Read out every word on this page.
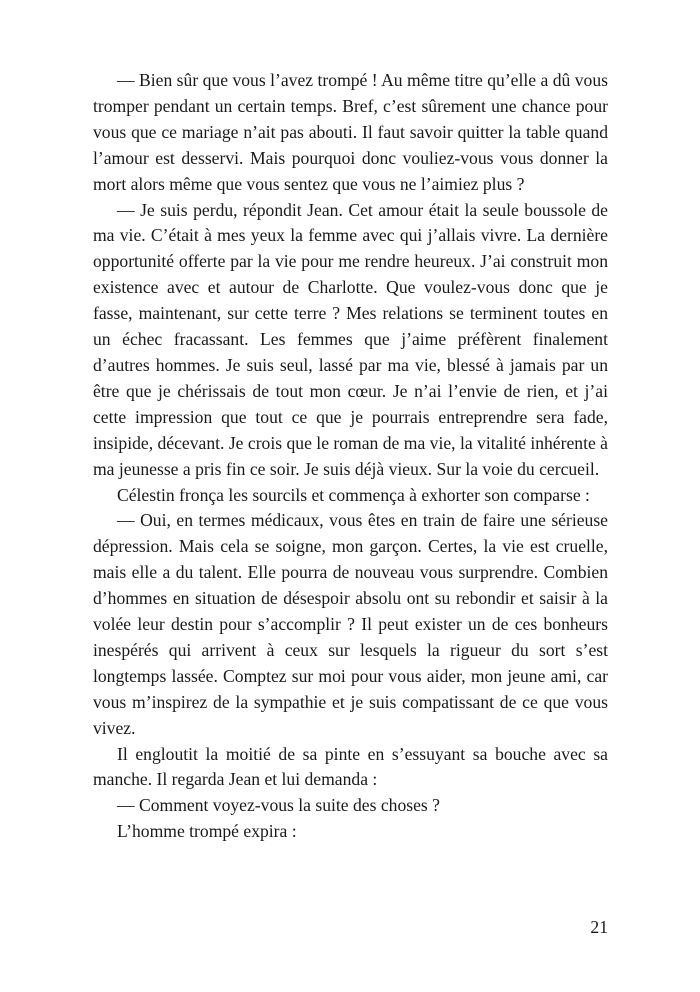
— Bien sûr que vous l’avez trompé ! Au même titre qu’elle a dû vous tromper pendant un certain temps. Bref, c’est sûrement une chance pour vous que ce mariage n’ait pas abouti. Il faut savoir quitter la table quand l’amour est desservi. Mais pourquoi donc vouliez-vous vous donner la mort alors même que vous sentez que vous ne l’aimiez plus ?

— Je suis perdu, répondit Jean. Cet amour était la seule boussole de ma vie. C’était à mes yeux la femme avec qui j’allais vivre. La dernière opportunité offerte par la vie pour me rendre heureux. J’ai construit mon existence avec et autour de Charlotte. Que voulez-vous donc que je fasse, maintenant, sur cette terre ? Mes relations se terminent toutes en un échec fracassant. Les femmes que j’aime préfèrent finalement d’autres hommes. Je suis seul, lassé par ma vie, blessé à jamais par un être que je chérissais de tout mon cœur. Je n’ai l’envie de rien, et j’ai cette impression que tout ce que je pourrais entreprendre sera fade, insipide, décevant. Je crois que le roman de ma vie, la vitalité inhérente à ma jeunesse a pris fin ce soir. Je suis déjà vieux. Sur la voie du cercueil.

Célestin fronça les sourcils et commença à exhorter son comparse :

— Oui, en termes médicaux, vous êtes en train de faire une sérieuse dépression. Mais cela se soigne, mon garçon. Certes, la vie est cruelle, mais elle a du talent. Elle pourra de nouveau vous surprendre. Combien d’hommes en situation de désespoir absolu ont su rebondir et saisir à la volée leur destin pour s’accomplir ? Il peut exister un de ces bonheurs inespérés qui arrivent à ceux sur lesquels la rigueur du sort s’est longtemps lassée. Comptez sur moi pour vous aider, mon jeune ami, car vous m’inspirez de la sympathie et je suis compatissant de ce que vous vivez.

Il engloutit la moitié de sa pinte en s’essuyant sa bouche avec sa manche. Il regarda Jean et lui demanda :

— Comment voyez-vous la suite des choses ?

L’homme trompé expira :

21
